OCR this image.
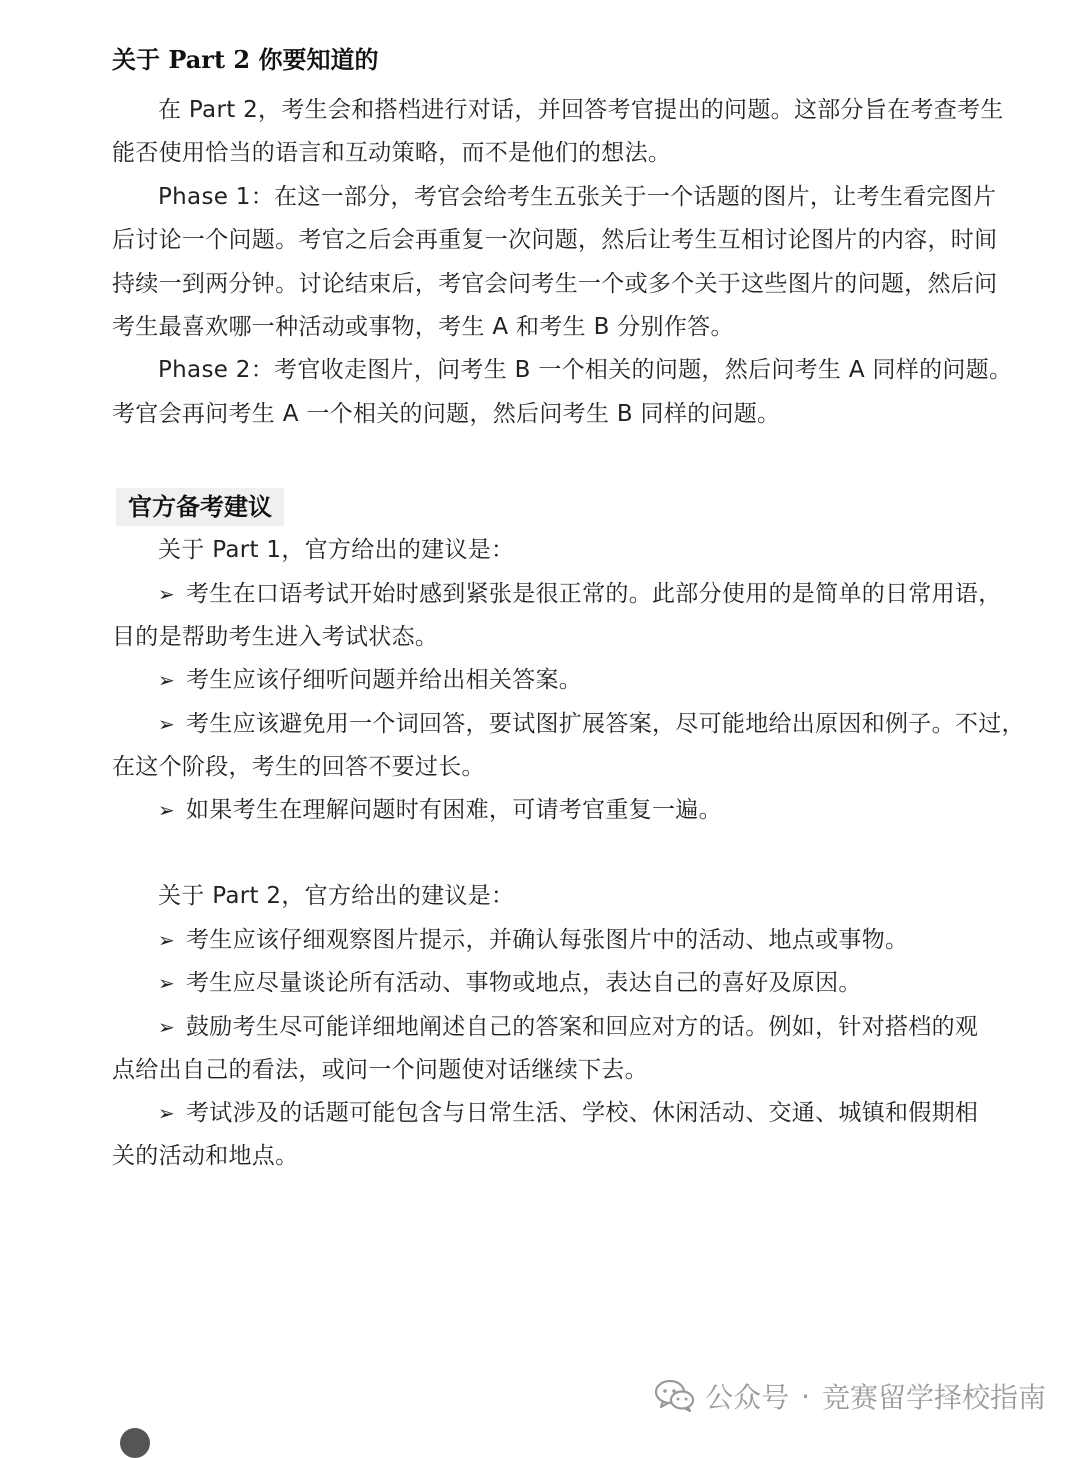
关于 Part 2 你要知道的
在 Part 2，考生会和搭档进行对话，并回答考官提出的问题。这部分旨在考查考生
能否使用恰当的语言和互动策略，而不是他们的想法。
Phase 1：在这一部分，考官会给考生五张关于一个话题的图片，让考生看完图片
后讨论一个问题。考官之后会再重复一次问题，然后让考生互相讨论图片的内容，时间
持续一到两分钟。讨论结束后，考官会问考生一个或多个关于这些图片的问题，然后问
考生最喜欢哪一种活动或事物，考生 A 和考生 B 分别作答。
Phase 2：考官收走图片，问考生 B 一个相关的问题，然后问考生 A 同样的问题。
考官会再问考生 A 一个相关的问题，然后问考生 B 同样的问题。
官方备考建议
关于 Part 1，官方给出的建议是：
➢ 考生在口语考试开始时感到紧张是很正常的。此部分使用的是简单的日常用语，
目的是帮助考生进入考试状态。
➢ 考生应该仔细听问题并给出相关答案。
➢ 考生应该避免用一个词回答，要试图扩展答案，尽可能地给出原因和例子。不过，
在这个阶段，考生的回答不要过长。
➢ 如果考生在理解问题时有困难，可请考官重复一遍。
关于 Part 2，官方给出的建议是：
➢ 考生应该仔细观察图片提示，并确认每张图片中的活动、地点或事物。
➢ 考生应尽量谈论所有活动、事物或地点，表达自己的喜好及原因。
➢ 鼓励考生尽可能详细地阐述自己的答案和回应对方的话。例如，针对搭档的观
点给出自己的看法，或问一个问题使对话继续下去。
➢ 考试涉及的话题可能包含与日常生活、学校、休闲活动、交通、城镇和假期相
关的活动和地点。
公众号 · 竞赛留学择校指南
